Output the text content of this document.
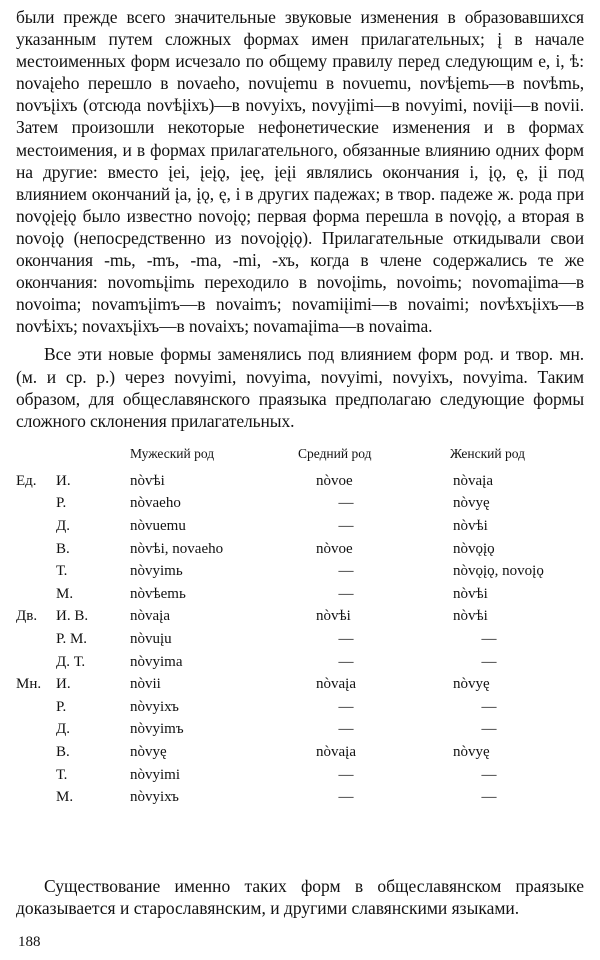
были прежде всего значительные звуковые изменения в образовавшихся указанным путем сложных формах имен прилагательных; į в начале местоименных форм исчезало по общему правилу перед следующим e, i, ѣ: novaįeho перешло в novaeho, novuįemu в novuemu, novѣįemь—в novѣmь, novъįiхъ (отсюда novѣįiхъ)—в novyiхъ, novyįimi—в novyimi, noviįi—в novii. Затем произошли некоторые нефонетические изменения и в формах местоимения, и в формах прилагательного, обязанные влиянию одних форм на другие: вместо įei, įeįǫ, įeę, įeįi являлись окончания i, įǫ, ę, įi под влиянием окончаний įa, įǫ, ę, i в других падежах; в твор. падеже ж. рода при novǫįeįǫ было известно novoįǫ; первая форма перешла в novǫįǫ, а вторая в novoįǫ (непосредственно из novoįǫįǫ). Прилагательные откидывали свои окончания -mь, -mъ, -ma, -mi, -хъ, когда в члене содержались те же окончания: novomьįimь переходило в novoįimь, novoimь; novomaįima—в novoima; novamъįimъ—в novaimъ; novamiįimi—в novaimi; novѣхъįiхъ—в novѣiхъ; novaхъįiхъ—в novaiхъ; novamaįima—в novaima.

Все эти новые формы заменялись под влиянием форм род. и твор. мн. (м. и ср. р.) через novyimi, novyima, novyimi, novyiхъ, novyima. Таким образом, для общеславянского праязыка предполагаю следующие формы сложного склонения прилагательных.

Мужеский род	Средний род	Женский род
Ед. И.	nòvѣi	nòvoe	nòvaįa
Р.	nòvaeho	—	nòvyę
Д.	nòvuemu	—	nòvѣi
В.	nòvѣi, novaeho	nòvoe	nòvǫįǫ
Т.	nòvyimь	—	nòvǫįǫ, novoįǫ
М.	nòvѣemь	—	nòvѣi
Дв. И. В.	nòvaįa	nòvѣi	nòvѣi
Р. М.	nòvuįu	—	—
Д. Т.	nòvyima	—	—
Мн. И.	nòvii	nòvaįa	nòvyę
Р.	nòvyiхъ	—	—
Д.	nòvyimъ	—	—
В.	nòvyę	nòvaįa	nòvyę
Т.	nòvyimi	—	—
М.	nòvyiхъ	—	—

Существование именно таких форм в общеславянском праязыке доказывается и старославянским, и другими славянскими языками.

188
